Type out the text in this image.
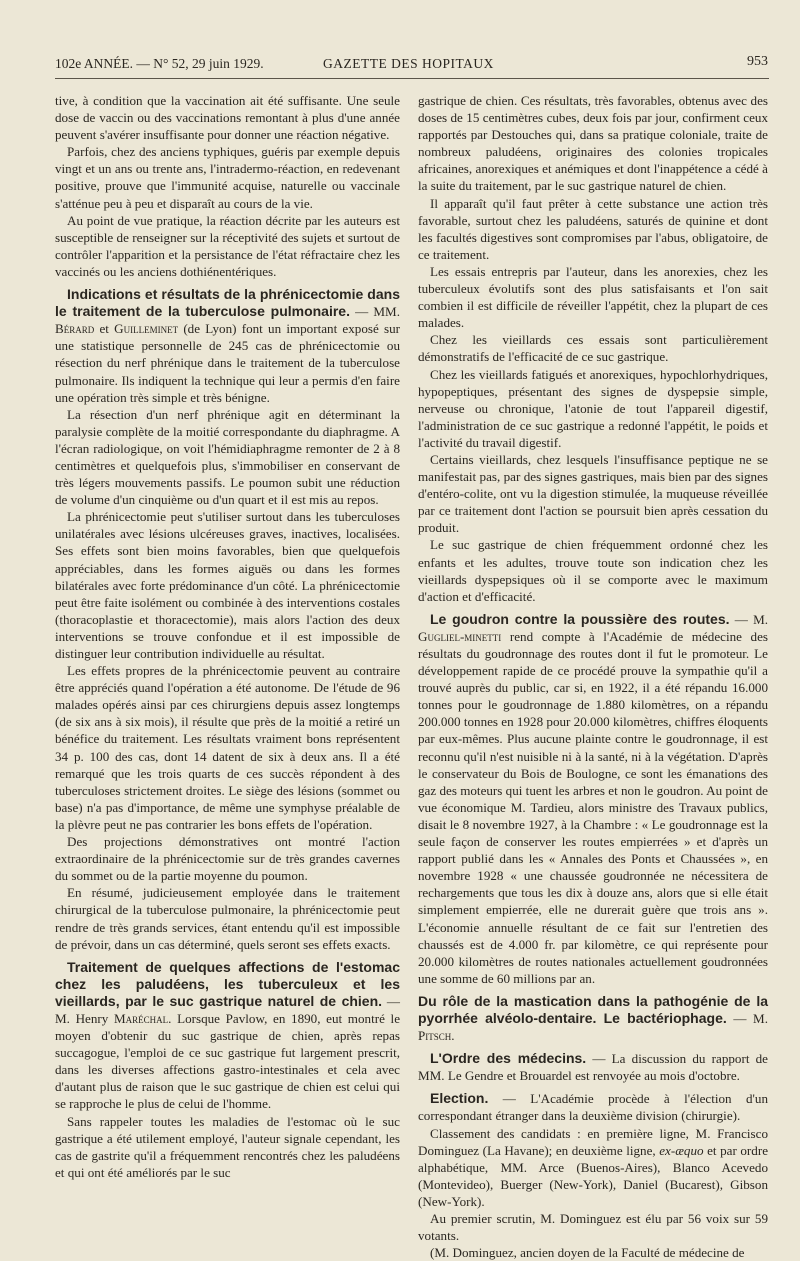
102e ANNÉE. — N° 52, 29 juin 1929.	GAZETTE DES HOPITAUX	953

tive, à condition que la vaccination ait été suffisante. Une seule dose de vaccin ou des vaccinations remontant à plus d'une année peuvent s'avérer insuffisante pour donner une réaction négative.

Parfois, chez des anciens typhiques, guéris par exemple depuis vingt et un ans ou trente ans, l'intradermo-réaction, en redevenant positive, prouve que l'immunité acquise, naturelle ou vaccinale s'atténue peu à peu et disparaît au cours de la vie.

Au point de vue pratique, la réaction décrite par les auteurs est susceptible de renseigner sur la réceptivité des sujets et surtout de contrôler l'apparition et la persistance de l'état réfractaire chez les vaccinés ou les anciens dothiénentériques.

Indications et résultats de la phrénicectomie dans le traitement de la tuberculose pulmonaire. — MM. Bérard et Guilleminet (de Lyon) font un important exposé sur une statistique personnelle de 245 cas de phrénicectomie ou résection du nerf phrénique dans le traitement de la tuberculose pulmonaire. Ils indiquent la technique qui leur a permis d'en faire une opération très simple et très bénigne.

La résection d'un nerf phrénique agit en déterminant la paralysie complète de la moitié correspondante du diaphragme. A l'écran radiologique, on voit l'hémidiaphragme remonter de 2 à 8 centimètres et quelquefois plus, s'immobiliser en conservant de très légers mouvements passifs. Le poumon subit une réduction de volume d'un cinquième ou d'un quart et il est mis au repos.

La phrénicectomie peut s'utiliser surtout dans les tuberculoses unilatérales avec lésions ulcéreuses graves, inactives, localisées. Ses effets sont bien moins favorables, bien que quelquefois appréciables, dans les formes aiguës ou dans les formes bilatérales avec forte prédominance d'un côté. La phrénicectomie peut être faite isolément ou combinée à des interventions costales (thoracoplastie et thoracectomie), mais alors l'action des deux interventions se trouve confondue et il est impossible de distinguer leur contribution individuelle au résultat.

Les effets propres de la phrénicectomie peuvent au contraire être appréciés quand l'opération a été autonome. De l'étude de 96 malades opérés ainsi par ces chirurgiens depuis assez longtemps (de six ans à six mois), il résulte que près de la moitié a retiré un bénéfice du traitement. Les résultats vraiment bons représentent 34 p. 100 des cas, dont 14 datent de six à deux ans. Il a été remarqué que les trois quarts de ces succès répondent à des tuberculoses strictement droites. Le siège des lésions (sommet ou base) n'a pas d'importance, de même une symphyse préalable de la plèvre peut ne pas contrarier les bons effets de l'opération.

Des projections démonstratives ont montré l'action extraordinaire de la phrénicectomie sur de très grandes cavernes du sommet ou de la partie moyenne du poumon.

En résumé, judicieusement employée dans le traitement chirurgical de la tuberculose pulmonaire, la phrénicectomie peut rendre de très grands services, étant entendu qu'il est impossible de prévoir, dans un cas déterminé, quels seront ses effets exacts.

Traitement de quelques affections de l'estomac chez les paludéens, les tuberculeux et les vieillards, par le suc gastrique naturel de chien. — M. Henry Maréchal. Lorsque Pavlow, en 1890, eut montré le moyen d'obtenir du suc gastrique de chien, après repas succagogue, l'emploi de ce suc gastrique fut largement prescrit, dans les diverses affections gastro-intestinales et cela avec d'autant plus de raison que le suc gastrique de chien est celui qui se rapproche le plus de celui de l'homme.

Sans rappeler toutes les maladies de l'estomac où le suc gastrique a été utilement employé, l'auteur signale cependant, les cas de gastrite qu'il a fréquemment rencontrés chez les paludéens et qui ont été améliorés par le suc

gastrique de chien. Ces résultats, très favorables, obtenus avec des doses de 15 centimètres cubes, deux fois par jour, confirment ceux rapportés par Destouches qui, dans sa pratique coloniale, traite de nombreux paludéens, originaires des colonies tropicales africaines, anorexiques et anémiques et dont l'inappétence a cédé à la suite du traitement, par le suc gastrique naturel de chien.

Il apparaît qu'il faut prêter à cette substance une action très favorable, surtout chez les paludéens, saturés de quinine et dont les facultés digestives sont compromises par l'abus, obligatoire, de ce traitement.

Les essais entrepris par l'auteur, dans les anorexies, chez les tuberculeux évolutifs sont des plus satisfaisants et l'on sait combien il est difficile de réveiller l'appétit, chez la plupart de ces malades.

Chez les vieillards ces essais sont particulièrement démonstratifs de l'efficacité de ce suc gastrique.

Chez les vieillards fatigués et anorexiques, hypochlorhydriques, hypopeptiques, présentant des signes de dyspepsie simple, nerveuse ou chronique, l'atonie de tout l'appareil digestif, l'administration de ce suc gastrique a redonné l'appétit, le poids et l'activité du travail digestif.

Certains vieillards, chez lesquels l'insuffisance peptique ne se manifestait pas, par des signes gastriques, mais bien par des signes d'entéro-colite, ont vu la digestion stimulée, la muqueuse réveillée par ce traitement dont l'action se poursuit bien après cessation du produit.

Le suc gastrique de chien fréquemment ordonné chez les enfants et les adultes, trouve toute son indication chez les vieillards dyspepsiques où il se comporte avec le maximum d'action et d'efficacité.

Le goudron contre la poussière des routes. — M. Gugliel-minetti rend compte à l'Académie de médecine des résultats du goudronnage des routes dont il fut le promoteur. Le développement rapide de ce procédé prouve la sympathie qu'il a trouvé auprès du public, car si, en 1922, il a été répandu 16.000 tonnes pour le goudronnage de 1.880 kilomètres, on a répandu 200.000 tonnes en 1928 pour 20.000 kilomètres, chiffres éloquents par eux-mêmes. Plus aucune plainte contre le goudronnage, il est reconnu qu'il n'est nuisible ni à la santé, ni à la végétation. D'après le conservateur du Bois de Boulogne, ce sont les émanations des gaz des moteurs qui tuent les arbres et non le goudron. Au point de vue économique M. Tardieu, alors ministre des Travaux publics, disait le 8 novembre 1927, à la Chambre : « Le goudronnage est la seule façon de conserver les routes empierrées » et d'après un rapport publié dans les « Annales des Ponts et Chaussées », en novembre 1928 « une chaussée goudronnée ne nécessitera de rechargements que tous les dix à douze ans, alors que si elle était simplement empierrée, elle ne durerait guère que trois ans ». L'économie annuelle résultant de ce fait sur l'entretien des chaussés est de 4.000 fr. par kilomètre, ce qui représente pour 20.000 kilomètres de routes nationales actuellement goudronnées une somme de 60 millions par an.

Du rôle de la mastication dans la pathogénie de la pyorrhée alvéolo-dentaire. Le bactériophage. — M. Pitsch.

L'Ordre des médecins. — La discussion du rapport de MM. Le Gendre et Brouardel est renvoyée au mois d'octobre.

Election. — L'Académie procède à l'élection d'un correspondant étranger dans la deuxième division (chirurgie).

Classement des candidats : en première ligne, M. Francisco Dominguez (La Havane); en deuxième ligne, ex-æquo et par ordre alphabétique, MM. Arce (Buenos-Aires), Blanco Acevedo (Montevideo), Buerger (New-York), Daniel (Bucarest), Gibson (New-York).

Au premier scrutin, M. Dominguez est élu par 56 voix sur 59 votants.

(M. Dominguez, ancien doyen de la Faculté de médecine de
